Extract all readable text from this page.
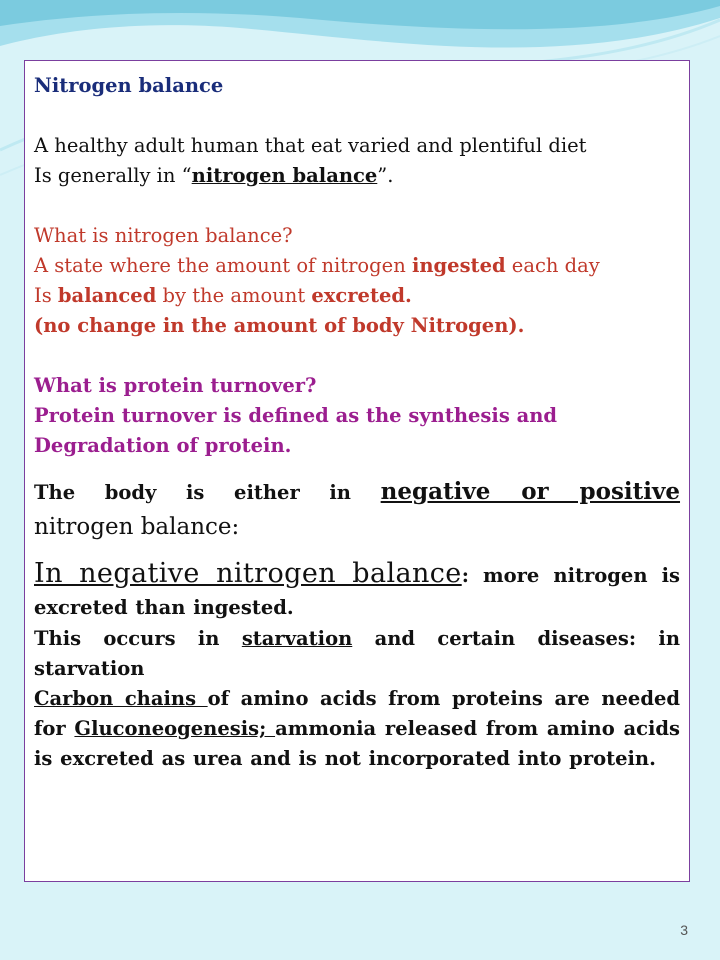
Nitrogen balance
A healthy adult human that eat varied and plentiful diet
Is generally in “nitrogen balance”.
What is nitrogen balance?
A state where the amount of nitrogen ingested each day
Is balanced by the amount excreted.
(no change in the amount of body Nitrogen).
What is protein turnover?
Protein turnover is defined as the synthesis and
Degradation of protein.
The body is either in negative or positive
nitrogen balance:
In negative nitrogen balance: more nitrogen is excreted than ingested.
This occurs in starvation and certain diseases: in starvation
Carbon chains of amino acids from proteins are needed for Gluconeogenesis; ammonia released from amino acids is excreted as urea and is not incorporated into protein.
3
